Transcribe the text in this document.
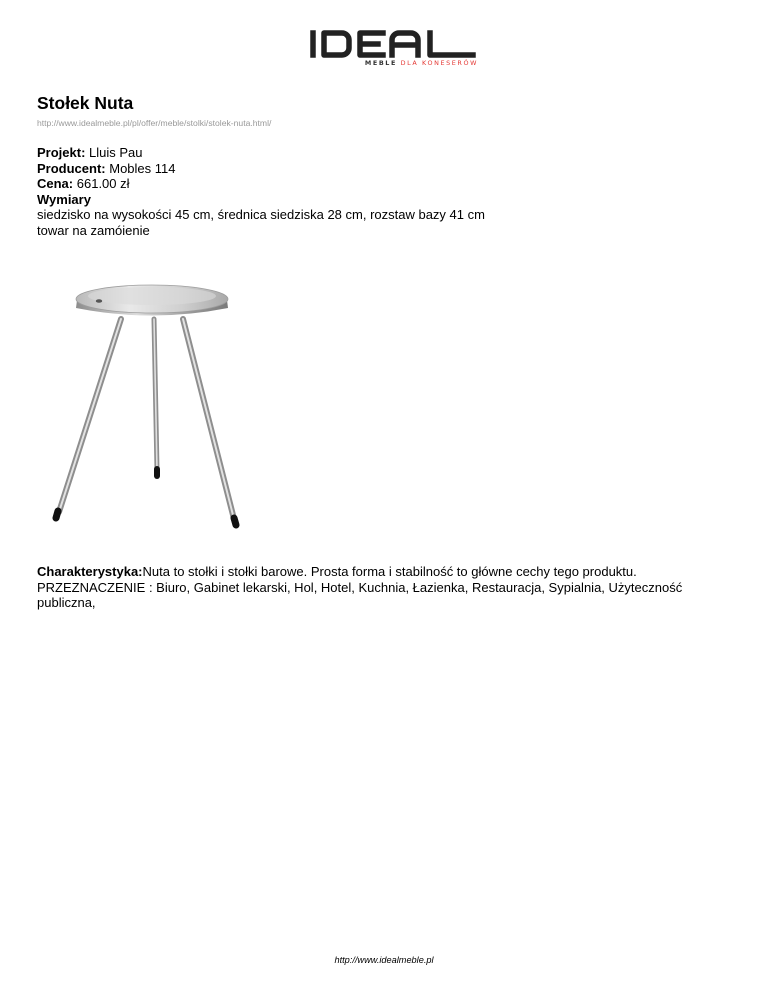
MEBLE DLA KONESERÓW
Stołek Nuta
http://www.idealmeble.pl/pl/offer/meble/stolki/stolek-nuta.html/
Projekt: Lluis Pau
Producent: Mobles 114
Cena: 661.00 zł
Wymiary
siedzisko na wysokości 45 cm, średnica siedziska 28 cm, rozstaw bazy 41 cm
towar na zamóienie
Charakterystyka:Nuta to stołki i stołki barowe. Prosta forma i stabilność to główne cechy tego produktu.
PRZEZNACZENIE : Biuro, Gabinet lekarski, Hol, Hotel, Kuchnia, Łazienka, Restauracja, Sypialnia, Użyteczność publiczna,
http://www.idealmeble.pl
